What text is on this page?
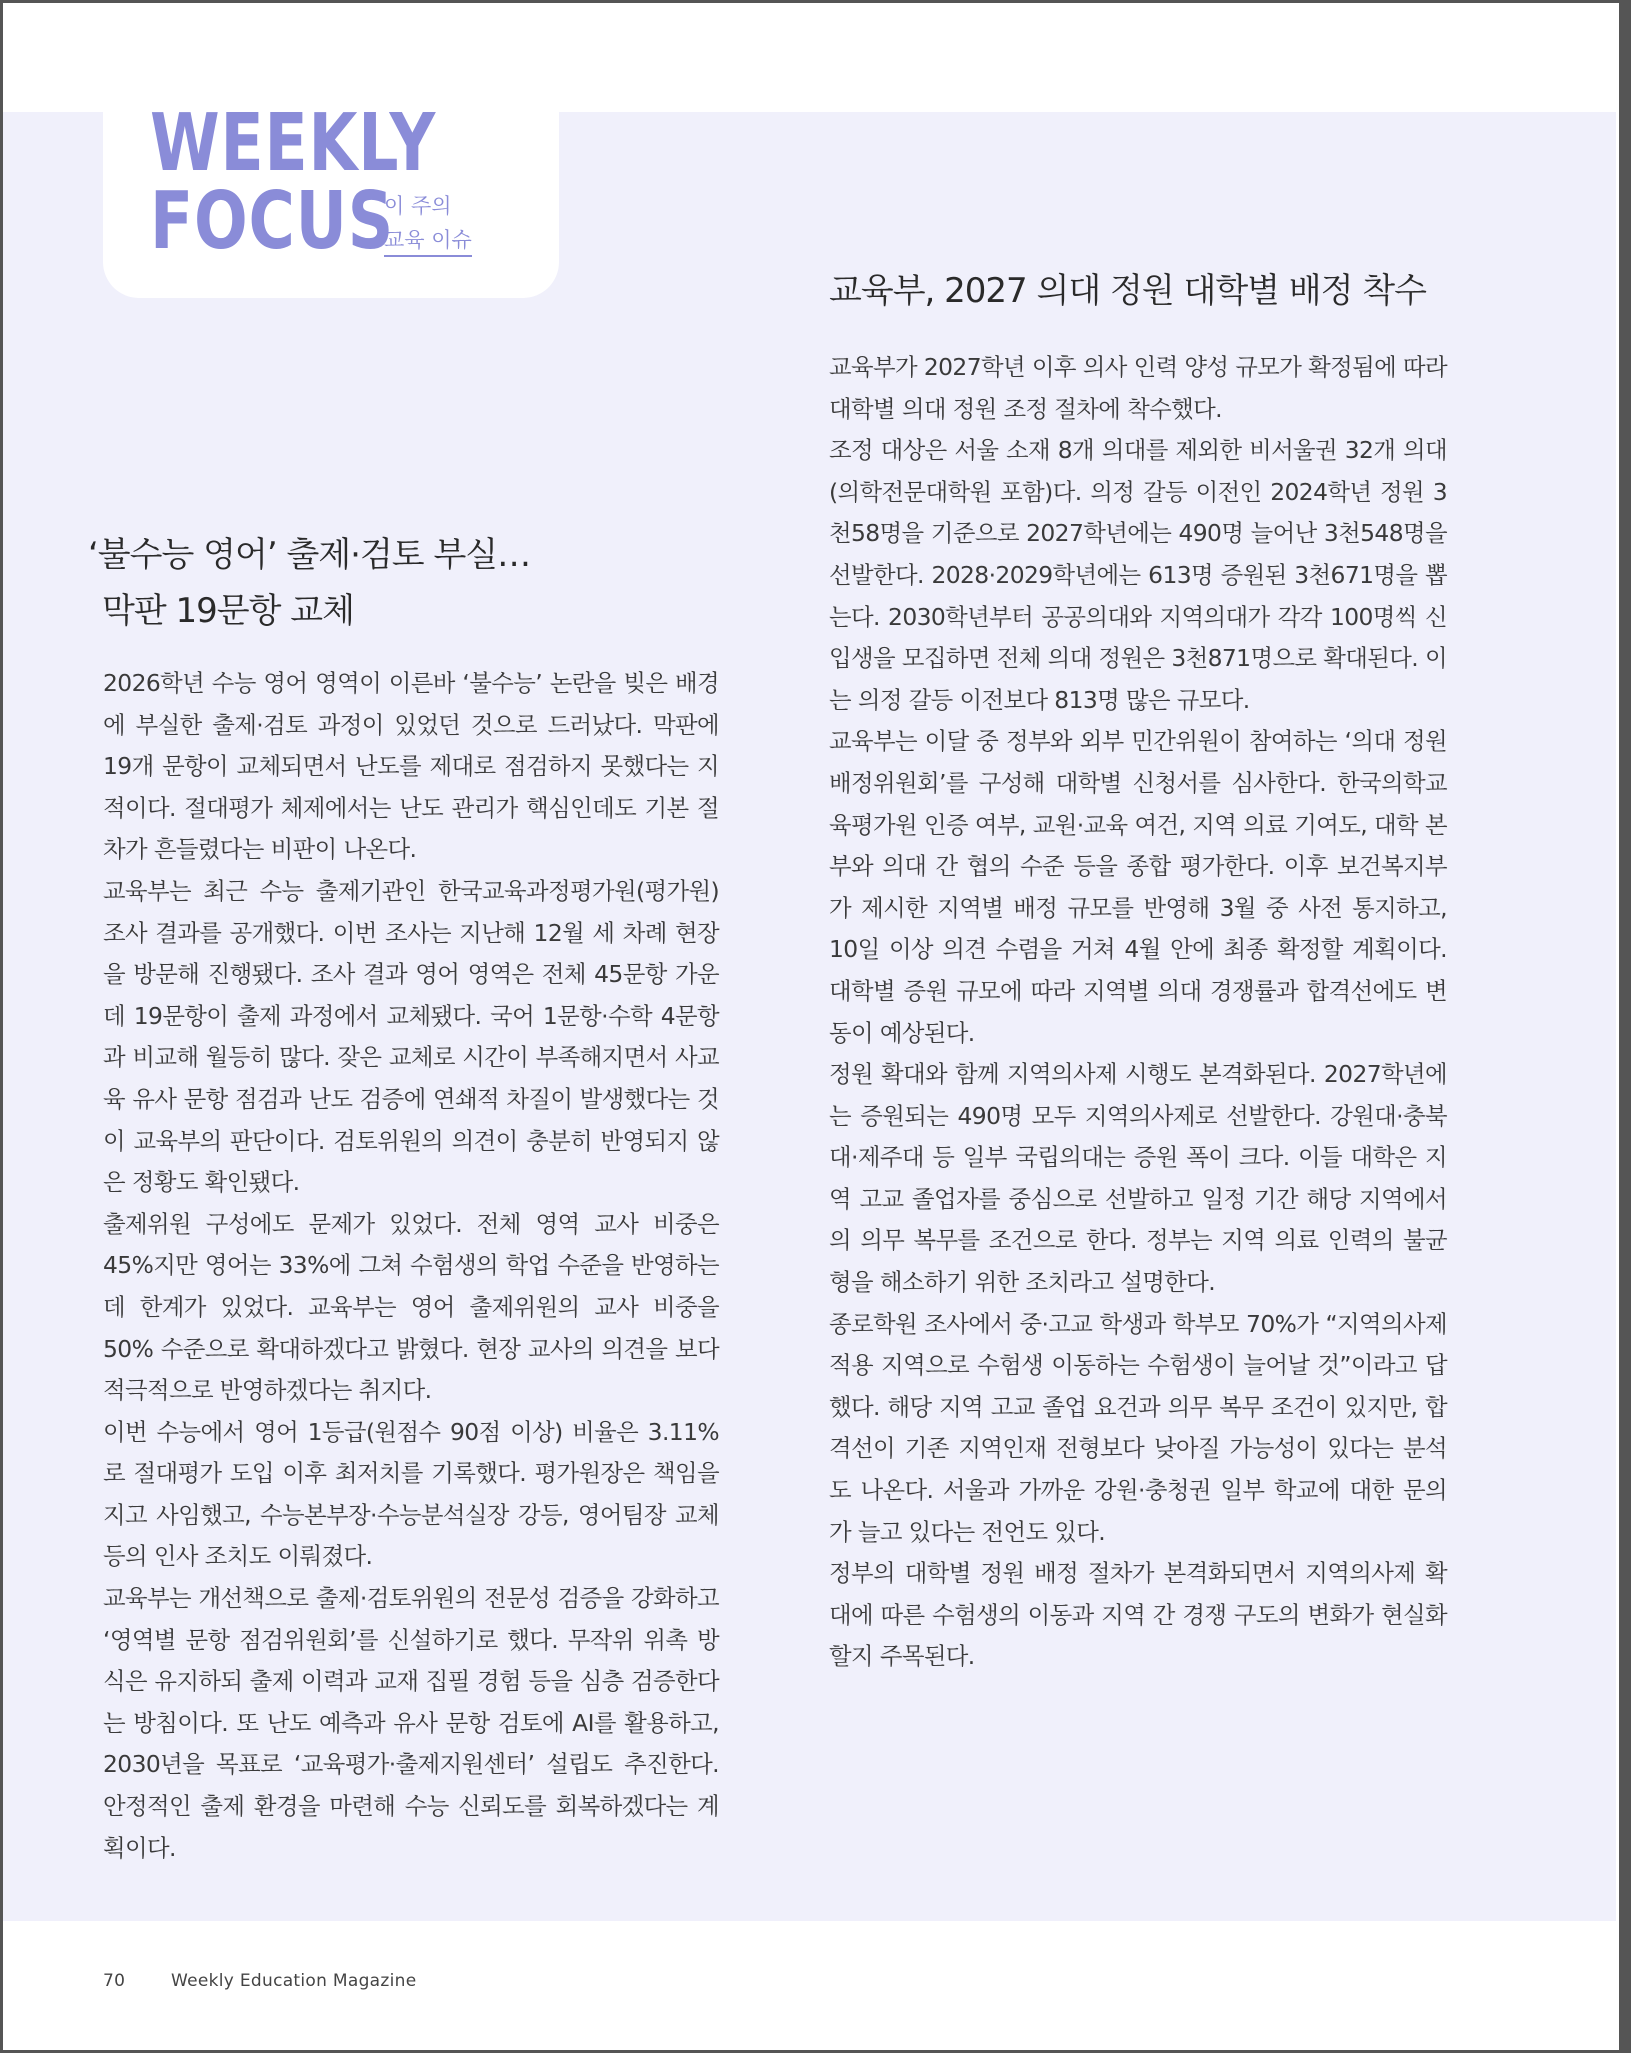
WEEKLY
FOCUS
이 주의
교육 이슈
‘불수능 영어’ 출제·검토 부실…
막판 19문항 교체

2026학년 수능 영어 영역이 이른바 ‘불수능’ 논란을 빚은 배경에 부실한 출제·검토 과정이 있었던 것으로 드러났다. 막판에 19개 문항이 교체되면서 난도를 제대로 점검하지 못했다는 지적이다. 절대평가 체제에서는 난도 관리가 핵심인데도 기본 절차가 흔들렸다는 비판이 나온다.

교육부는 최근 수능 출제기관인 한국교육과정평가원(평가원) 조사 결과를 공개했다. 이번 조사는 지난해 12월 세 차례 현장을 방문해 진행됐다. 조사 결과 영어 영역은 전체 45문항 가운데 19문항이 출제 과정에서 교체됐다. 국어 1문항·수학 4문항과 비교해 월등히 많다. 잦은 교체로 시간이 부족해지면서 사교육 유사 문항 점검과 난도 검증에 연쇄적 차질이 발생했다는 것이 교육부의 판단이다. 검토위원의 의견이 충분히 반영되지 않은 정황도 확인됐다.

출제위원 구성에도 문제가 있었다. 전체 영역 교사 비중은 45%지만 영어는 33%에 그쳐 수험생의 학업 수준을 반영하는 데 한계가 있었다. 교육부는 영어 출제위원의 교사 비중을 50% 수준으로 확대하겠다고 밝혔다. 현장 교사의 의견을 보다 적극적으로 반영하겠다는 취지다.

이번 수능에서 영어 1등급(원점수 90점 이상) 비율은 3.11%로 절대평가 도입 이후 최저치를 기록했다. 평가원장은 책임을 지고 사임했고, 수능본부장·수능분석실장 강등, 영어팀장 교체 등의 인사 조치도 이뤄졌다.

교육부는 개선책으로 출제·검토위원의 전문성 검증을 강화하고 ‘영역별 문항 점검위원회’를 신설하기로 했다. 무작위 위촉 방식은 유지하되 출제 이력과 교재 집필 경험 등을 심층 검증한다는 방침이다. 또 난도 예측과 유사 문항 검토에 AI를 활용하고, 2030년을 목표로 ‘교육평가·출제지원센터’ 설립도 추진한다. 안정적인 출제 환경을 마련해 수능 신뢰도를 회복하겠다는 계획이다.

교육부, 2027 의대 정원 대학별 배정 착수

교육부가 2027학년 이후 의사 인력 양성 규모가 확정됨에 따라 대학별 의대 정원 조정 절차에 착수했다.

조정 대상은 서울 소재 8개 의대를 제외한 비서울권 32개 의대(의학전문대학원 포함)다. 의정 갈등 이전인 2024학년 정원 3천58명을 기준으로 2027학년에는 490명 늘어난 3천548명을 선발한다. 2028·2029학년에는 613명 증원된 3천671명을 뽑는다. 2030학년부터 공공의대와 지역의대가 각각 100명씩 신입생을 모집하면 전체 의대 정원은 3천871명으로 확대된다. 이는 의정 갈등 이전보다 813명 많은 규모다.

교육부는 이달 중 정부와 외부 민간위원이 참여하는 ‘의대 정원 배정위원회’를 구성해 대학별 신청서를 심사한다. 한국의학교육평가원 인증 여부, 교원·교육 여건, 지역 의료 기여도, 대학 본부와 의대 간 협의 수준 등을 종합 평가한다. 이후 보건복지부가 제시한 지역별 배정 규모를 반영해 3월 중 사전 통지하고, 10일 이상 의견 수렴을 거쳐 4월 안에 최종 확정할 계획이다. 대학별 증원 규모에 따라 지역별 의대 경쟁률과 합격선에도 변동이 예상된다.

정원 확대와 함께 지역의사제 시행도 본격화된다. 2027학년에는 증원되는 490명 모두 지역의사제로 선발한다. 강원대·충북대·제주대 등 일부 국립의대는 증원 폭이 크다. 이들 대학은 지역 고교 졸업자를 중심으로 선발하고 일정 기간 해당 지역에서의 의무 복무를 조건으로 한다. 정부는 지역 의료 인력의 불균형을 해소하기 위한 조치라고 설명한다.

종로학원 조사에서 중·고교 학생과 학부모 70%가 “지역의사제 적용 지역으로 수험생 이동하는 수험생이 늘어날 것”이라고 답했다. 해당 지역 고교 졸업 요건과 의무 복무 조건이 있지만, 합격선이 기존 지역인재 전형보다 낮아질 가능성이 있다는 분석도 나온다. 서울과 가까운 강원·충청권 일부 학교에 대한 문의가 늘고 있다는 전언도 있다.

정부의 대학별 정원 배정 절차가 본격화되면서 지역의사제 확대에 따른 수험생의 이동과 지역 간 경쟁 구도의 변화가 현실화할지 주목된다.

70	Weekly Education Magazine
